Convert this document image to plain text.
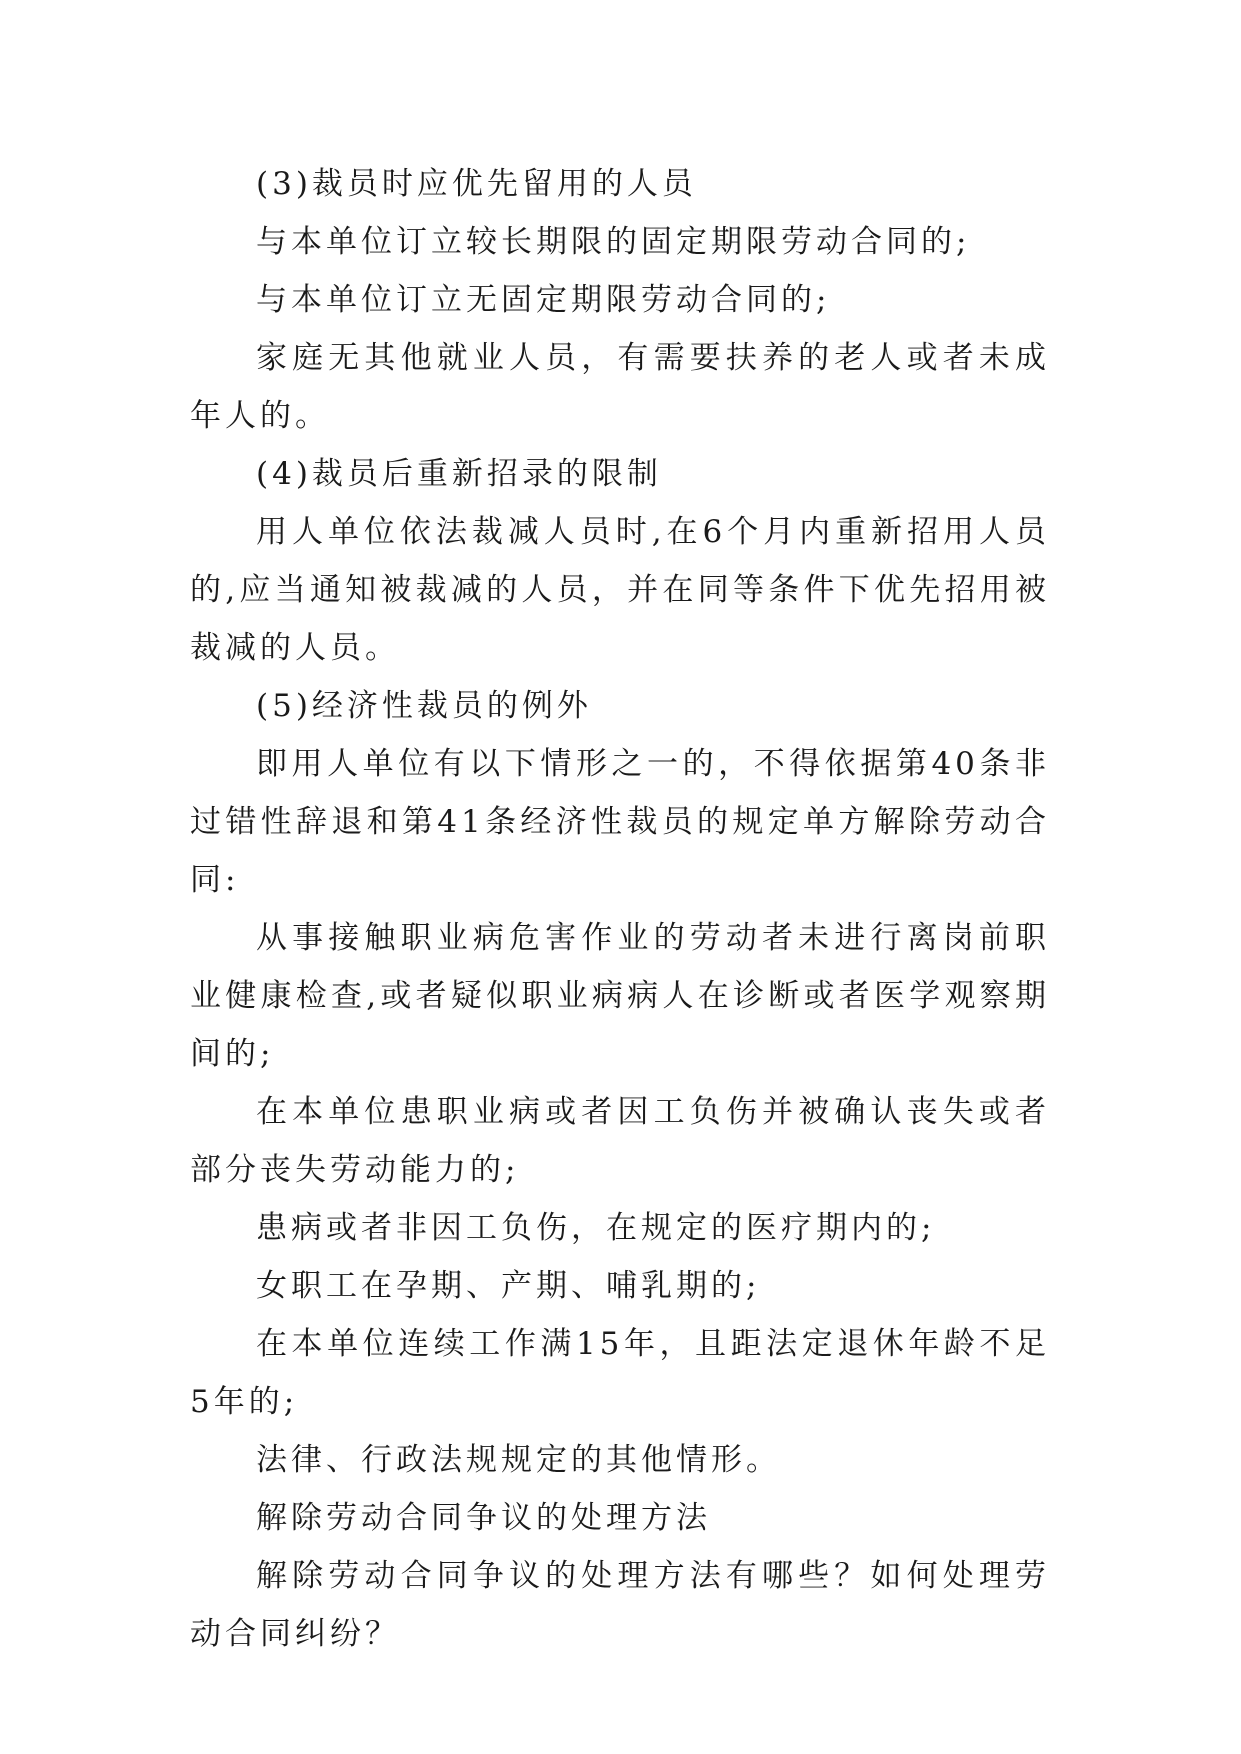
(3)裁员时应优先留用的人员

与本单位订立较长期限的固定期限劳动合同的;

与本单位订立无固定期限劳动合同的;

家庭无其他就业人员，有需要扶养的老人或者未成年人的。

(4)裁员后重新招录的限制

用人单位依法裁减人员时,在6个月内重新招用人员的,应当通知被裁减的人员，并在同等条件下优先招用被裁减的人员。

(5)经济性裁员的例外

即用人单位有以下情形之一的，不得依据第40条非过错性辞退和第41条经济性裁员的规定单方解除劳动合同:

从事接触职业病危害作业的劳动者未进行离岗前职业健康检查,或者疑似职业病病人在诊断或者医学观察期间的;

在本单位患职业病或者因工负伤并被确认丧失或者部分丧失劳动能力的;

患病或者非因工负伤，在规定的医疗期内的;

女职工在孕期、产期、哺乳期的;

在本单位连续工作满15年，且距法定退休年龄不足5年的;

法律、行政法规规定的其他情形。

解除劳动合同争议的处理方法

解除劳动合同争议的处理方法有哪些？如何处理劳动合同纠纷？
